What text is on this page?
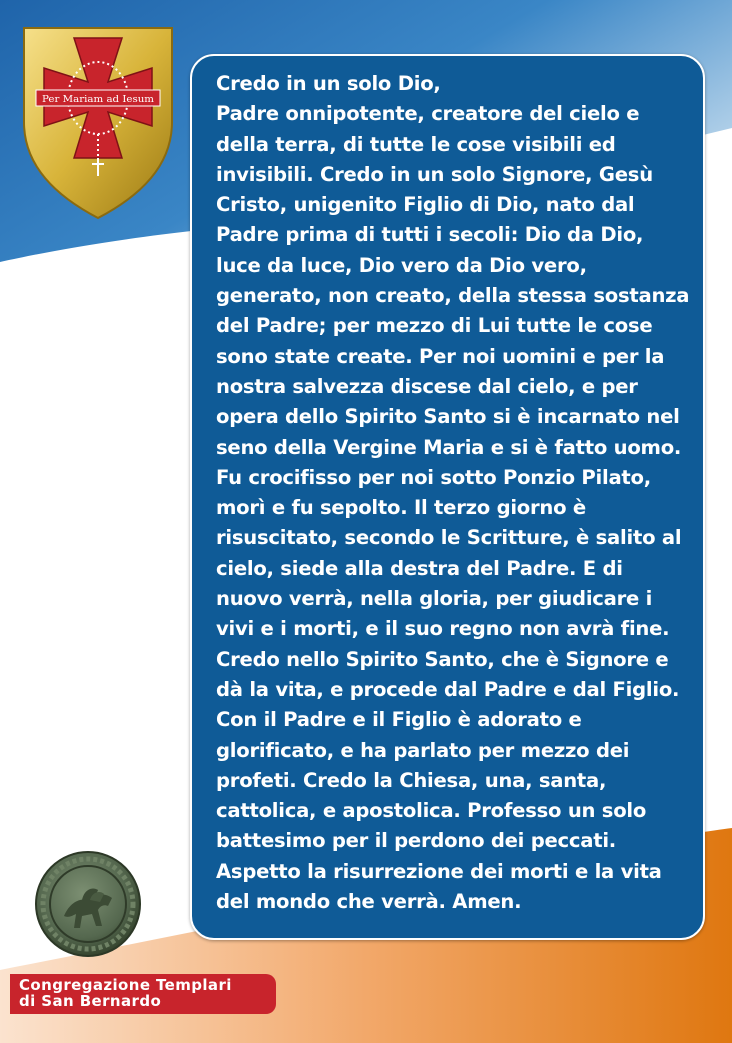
Per Mariam ad Iesum

Credo in un solo Dio,
Padre onnipotente, creatore del cielo e
della terra, di tutte le cose visibili ed
invisibili. Credo in un solo Signore, Gesù
Cristo, unigenito Figlio di Dio, nato dal
Padre prima di tutti i secoli: Dio da Dio,
luce da luce, Dio vero da Dio vero,
generato, non creato, della stessa sostanza
del Padre; per mezzo di Lui tutte le cose
sono state create. Per noi uomini e per la
nostra salvezza discese dal cielo, e per
opera dello Spirito Santo si è incarnato nel
seno della Vergine Maria e si è fatto uomo.
Fu crocifisso per noi sotto Ponzio Pilato,
morì e fu sepolto. Il terzo giorno è
risuscitato, secondo le Scritture, è salito al
cielo, siede alla destra del Padre. E di
nuovo verrà, nella gloria, per giudicare i
vivi e i morti, e il suo regno non avrà fine.
Credo nello Spirito Santo, che è Signore e
dà la vita, e procede dal Padre e dal Figlio.
Con il Padre e il Figlio è adorato e
glorificato, e ha parlato per mezzo dei
profeti. Credo la Chiesa, una, santa,
cattolica, e apostolica. Professo un solo
battesimo per il perdono dei peccati.
Aspetto la risurrezione dei morti e la vita
del mondo che verrà. Amen.

Congregazione Templari
di San Bernardo
